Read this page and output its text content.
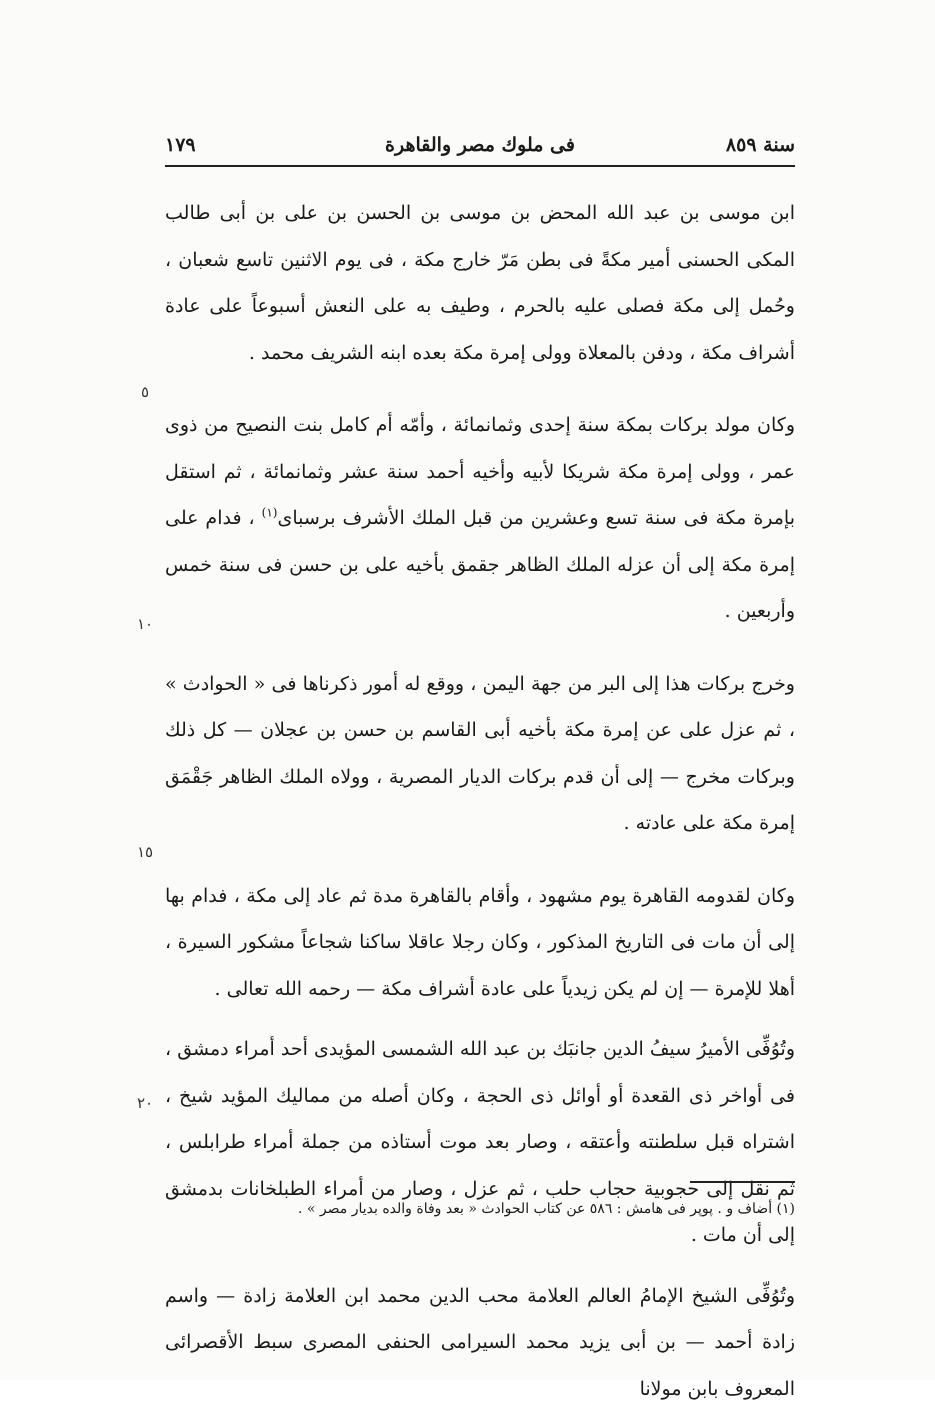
سنة ٨٥٩
فى ملوك مصر والقاهرة
١٧٩
٥
١٠
١٥
٢٠

ابن موسى بن عبد الله المحض بن موسى بن الحسن بن على بن أبى طالب المكى الحسنى أمير مكةً فى بطن مَرّ خارج مكة ، فى يوم الاثنين تاسع شعبان ، وحُمل إلى مكة فصلى عليه بالحرم ، وطيف به على النعش أسبوعاً على عادة أشراف مكة ، ودفن بالمعلاة وولى إمرة مكة بعده ابنه الشريف محمد .

وكان مولد بركات بمكة سنة إحدى وثمانمائة ، وأمّه أم كامل بنت النصيح من ذوى عمر ، وولى إمرة مكة شريكا لأبيه وأخيه أحمد سنة عشر وثمانمائة ، ثم استقل بإمرة مكة فى سنة تسع وعشرين من قبل الملك الأشرف برسباى$^{(١)}$ ، فدام على إمرة مكة إلى أن عزله الملك الظاهر جقمق بأخيه على بن حسن فى سنة خمس وأربعين .

وخرج بركات هذا إلى البر من جهة اليمن ، ووقع له أمور ذكرناها فى « الحوادث » ، ثم عزل على عن إمرة مكة بأخيه أبى القاسم بن حسن بن عجلان — كل ذلك وبركات مخرج — إلى أن قدم بركات الديار المصرية ، وولاه الملك الظاهر جَقْمَق إمرة مكة على عادته .

وكان لقدومه القاهرة يوم مشهود ، وأقام بالقاهرة مدة ثم عاد إلى مكة ، فدام بها إلى أن مات فى التاريخ المذكور ، وكان رجلا عاقلا ساكنا شجاعاً مشكور السيرة ، أهلا للإمرة — إن لم يكن زيدياً على عادة أشراف مكة — رحمه الله تعالى .

وتُوُفِّى الأميرُ سيفُ الدين جانبَك بن عبد الله الشمسى المؤيدى أحد أمراء دمشق ، فى أواخر ذى القعدة أو أوائل ذى الحجة ، وكان أصله من مماليك المؤيد شيخ ، اشتراه قبل سلطنته وأعتقه ، وصار بعد موت أستاذه من جملة أمراء طرابلس ، ثم نقل إلى حجوبية حجاب حلب ، ثم عزل ، وصار من أمراء الطبلخانات بدمشق إلى أن مات .

وتُوُفِّى الشيخ الإمامُ العالم العلامة محب الدين محمد ابن العلامة زادة — واسم زادة أحمد — بن أبى يزيد محمد السيرامى الحنفى المصرى سبط الأقصرائى المعروف بابن مولانا

(١) أضاف و . پوپر فى هامش : ٥٨٦ عن كتاب الحوادث « بعد وفاة والده بديار مصر » .
